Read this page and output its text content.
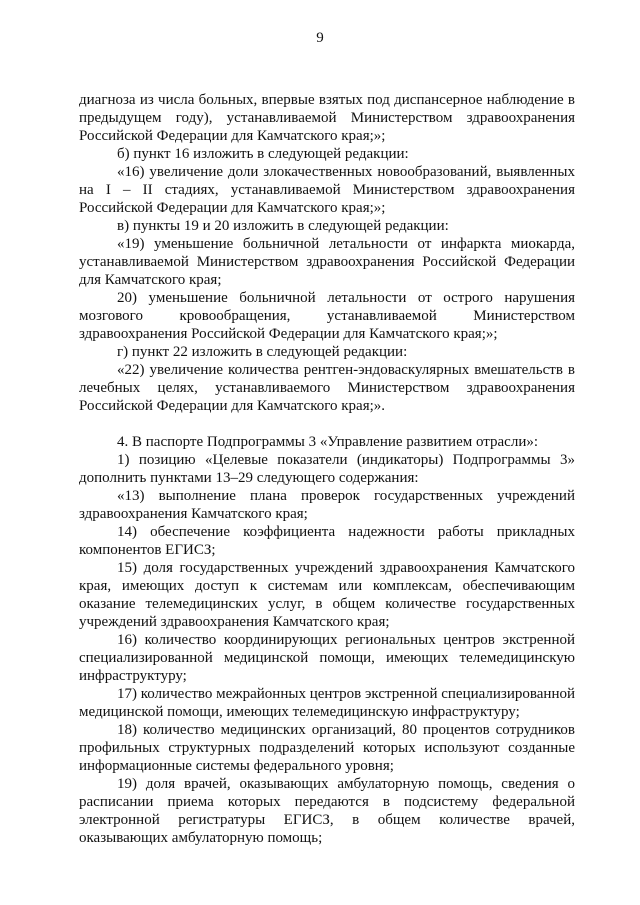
9

диагноза из числа больных, впервые взятых под диспансерное наблюдение в предыдущем году), устанавливаемой Министерством здравоохранения Российской Федерации для Камчатского края;»;

б) пункт 16 изложить в следующей редакции:

«16) увеличение доли злокачественных новообразований, выявленных на I – II стадиях, устанавливаемой Министерством здравоохранения Российской Федерации для Камчатского края;»;

в) пункты 19 и 20 изложить в следующей редакции:

«19) уменьшение больничной летальности от инфаркта миокарда, устанавливаемой Министерством здравоохранения Российской Федерации для Камчатского края;

20) уменьшение больничной летальности от острого нарушения мозгового кровообращения, устанавливаемой Министерством здравоохранения Российской Федерации для Камчатского края;»;

г) пункт 22 изложить в следующей редакции:

«22) увеличение количества рентген-эндоваскулярных вмешательств в лечебных целях, устанавливаемого Министерством здравоохранения Российской Федерации для Камчатского края;».

4. В паспорте Подпрограммы 3 «Управление развитием отрасли»:

1) позицию «Целевые показатели (индикаторы) Подпрограммы 3» дополнить пунктами 13–29 следующего содержания:

«13) выполнение плана проверок государственных учреждений здравоохранения Камчатского края;

14) обеспечение коэффициента надежности работы прикладных компонентов ЕГИСЗ;

15) доля государственных учреждений здравоохранения Камчатского края, имеющих доступ к системам или комплексам, обеспечивающим оказание телемедицинских услуг, в общем количестве государственных учреждений здравоохранения Камчатского края;

16) количество координирующих региональных центров экстренной специализированной медицинской помощи, имеющих телемедицинскую инфраструктуру;

17) количество межрайонных центров экстренной специализированной медицинской помощи, имеющих телемедицинскую инфраструктуру;

18) количество медицинских организаций, 80 процентов сотрудников профильных структурных подразделений которых используют созданные информационные системы федерального уровня;

19) доля врачей, оказывающих амбулаторную помощь, сведения о расписании приема которых передаются в подсистему федеральной электронной регистратуры ЕГИСЗ, в общем количестве врачей, оказывающих амбулаторную помощь;
